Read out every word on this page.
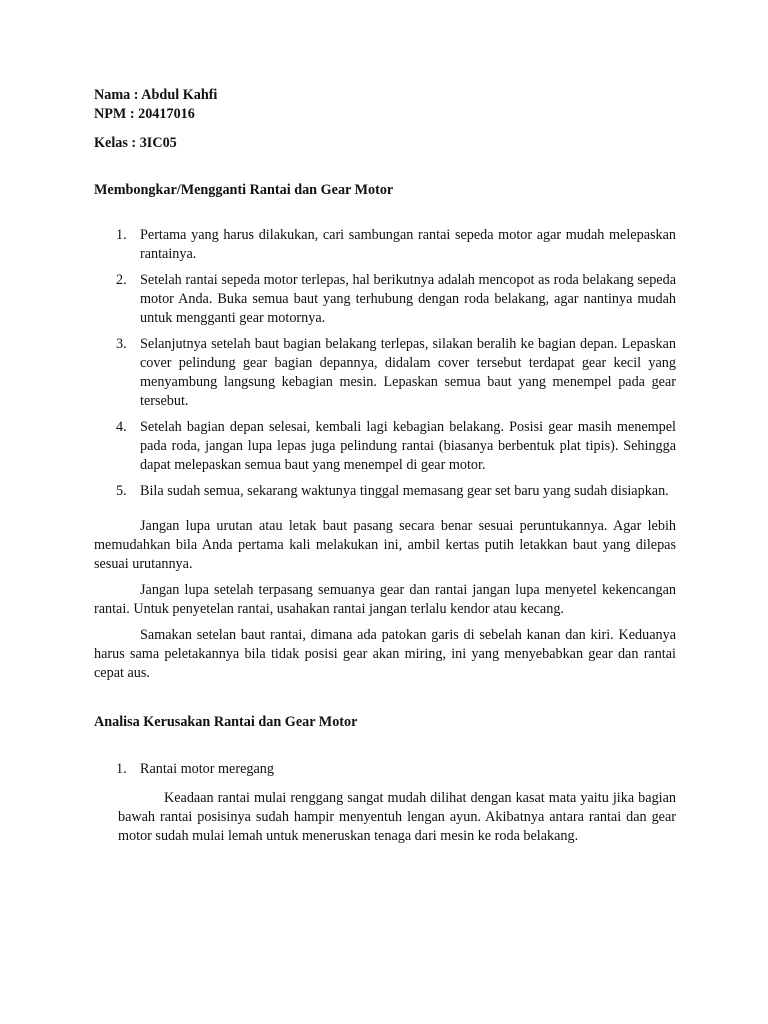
Nama : Abdul Kahfi

NPM : 20417016

Kelas : 3IC05

Membongkar/Mengganti Rantai dan Gear Motor
1. Pertama yang harus dilakukan, cari sambungan rantai sepeda motor agar mudah melepaskan rantainya.
2. Setelah rantai sepeda motor terlepas, hal berikutnya adalah mencopot as roda belakang sepeda motor Anda. Buka semua baut yang terhubung dengan roda belakang, agar nantinya mudah untuk mengganti gear motornya.
3. Selanjutnya setelah baut bagian belakang terlepas, silakan beralih ke bagian depan. Lepaskan cover pelindung gear bagian depannya, didalam cover tersebut terdapat gear kecil yang menyambung langsung kebagian mesin. Lepaskan semua baut yang menempel pada gear tersebut.
4. Setelah bagian depan selesai, kembali lagi kebagian belakang. Posisi gear masih menempel pada roda, jangan lupa lepas juga pelindung rantai (biasanya berbentuk plat tipis). Sehingga dapat melepaskan semua baut yang menempel di gear motor.
5. Bila sudah semua, sekarang waktunya tinggal memasang gear set baru yang sudah disiapkan.

Jangan lupa urutan atau letak baut pasang secara benar sesuai peruntukannya. Agar lebih memudahkan bila Anda pertama kali melakukan ini, ambil kertas putih letakkan baut yang dilepas sesuai urutannya.

Jangan lupa setelah terpasang semuanya gear dan rantai jangan lupa menyetel kekencangan rantai. Untuk penyetelan rantai, usahakan rantai jangan terlalu kendor atau kecang.

Samakan setelan baut rantai, dimana ada patokan garis di sebelah kanan dan kiri. Keduanya harus sama peletakannya bila tidak posisi gear akan miring, ini yang menyebabkan gear dan rantai cepat aus.

Analisa Kerusakan Rantai dan Gear Motor
1. Rantai motor meregang

Keadaan rantai mulai renggang sangat mudah dilihat dengan kasat mata yaitu jika bagian bawah rantai posisinya sudah hampir menyentuh lengan ayun. Akibatnya antara rantai dan gear motor sudah mulai lemah untuk meneruskan tenaga dari mesin ke roda belakang.
